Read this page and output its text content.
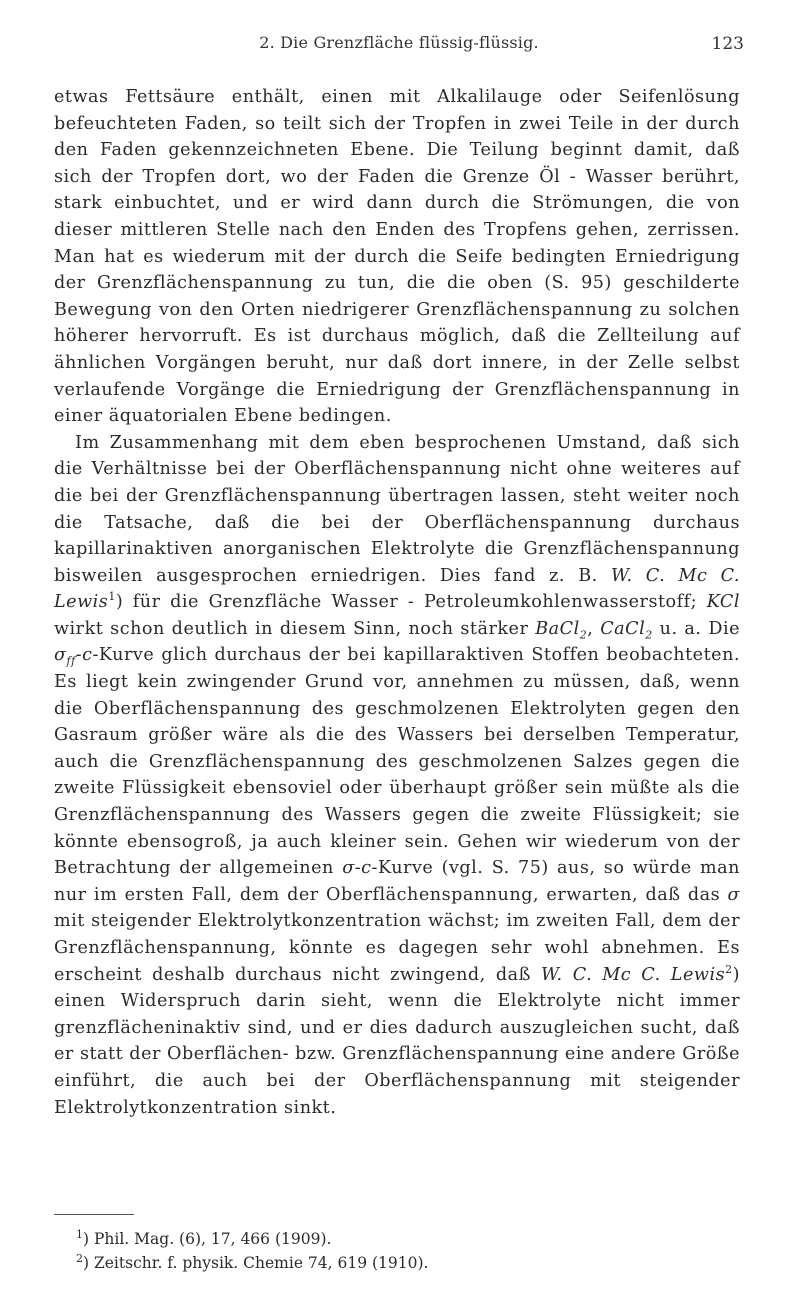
2. Die Grenzfläche flüssig-flüssig.	123

etwas Fettsäure enthält, einen mit Alkalilauge oder Seifenlösung befeuchteten Faden, so teilt sich der Tropfen in zwei Teile in der durch den Faden gekennzeichneten Ebene. Die Teilung beginnt damit, daß sich der Tropfen dort, wo der Faden die Grenze Öl - Wasser berührt, stark einbuchtet, und er wird dann durch die Strömungen, die von dieser mittleren Stelle nach den Enden des Tropfens gehen, zerrissen. Man hat es wiederum mit der durch die Seife bedingten Erniedrigung der Grenzflächenspannung zu tun, die die oben (S. 95) geschilderte Bewegung von den Orten niedrigerer Grenzflächenspannung zu solchen höherer hervorruft. Es ist durchaus möglich, daß die Zellteilung auf ähnlichen Vorgängen beruht, nur daß dort innere, in der Zelle selbst verlaufende Vorgänge die Erniedrigung der Grenzflächenspannung in einer äquatorialen Ebene bedingen.

Im Zusammenhang mit dem eben besprochenen Umstand, daß sich die Verhältnisse bei der Oberflächenspannung nicht ohne weiteres auf die bei der Grenzflächenspannung übertragen lassen, steht weiter noch die Tatsache, daß die bei der Oberflächenspannung durchaus kapillarinaktiven anorganischen Elektrolyte die Grenzflächenspannung bisweilen ausgesprochen erniedrigen. Dies fand z. B. W. C. Mc C. Lewis$^1$) für die Grenzfläche Wasser - Petroleumkohlenwasserstoff; KCl wirkt schon deutlich in diesem Sinn, noch stärker BaCl$_2$, CaCl$_2$ u. a. Die $\sigma_{ff}-c$-Kurve glich durchaus der bei kapillaraktiven Stoffen beobachteten. Es liegt kein zwingender Grund vor, annehmen zu müssen, daß, wenn die Oberflächenspannung des geschmolzenen Elektrolyten gegen den Gasraum größer wäre als die des Wassers bei derselben Temperatur, auch die Grenzflächenspannung des geschmolzenen Salzes gegen die zweite Flüssigkeit ebensoviel oder überhaupt größer sein müßte als die Grenzflächenspannung des Wassers gegen die zweite Flüssigkeit; sie könnte ebensogroß, ja auch kleiner sein. Gehen wir wiederum von der Betrachtung der allgemeinen σ-c-Kurve (vgl. S. 75) aus, so würde man nur im ersten Fall, dem der Oberflächenspannung, erwarten, daß das σ mit steigender Elektrolytkonzentration wächst; im zweiten Fall, dem der Grenzflächenspannung, könnte es dagegen sehr wohl abnehmen. Es erscheint deshalb durchaus nicht zwingend, daß W. C. Mc C. Lewis$^2$) einen Widerspruch darin sieht, wenn die Elektrolyte nicht immer grenzflächeninaktiv sind, und er dies dadurch auszugleichen sucht, daß er statt der Oberflächen- bzw. Grenzflächenspannung eine andere Größe einführt, die auch bei der Oberflächenspannung mit steigender Elektrolytkonzentration sinkt.

$^1$) Phil. Mag. (6), 17, 466 (1909).
$^2$) Zeitschr. f. physik. Chemie 74, 619 (1910).
